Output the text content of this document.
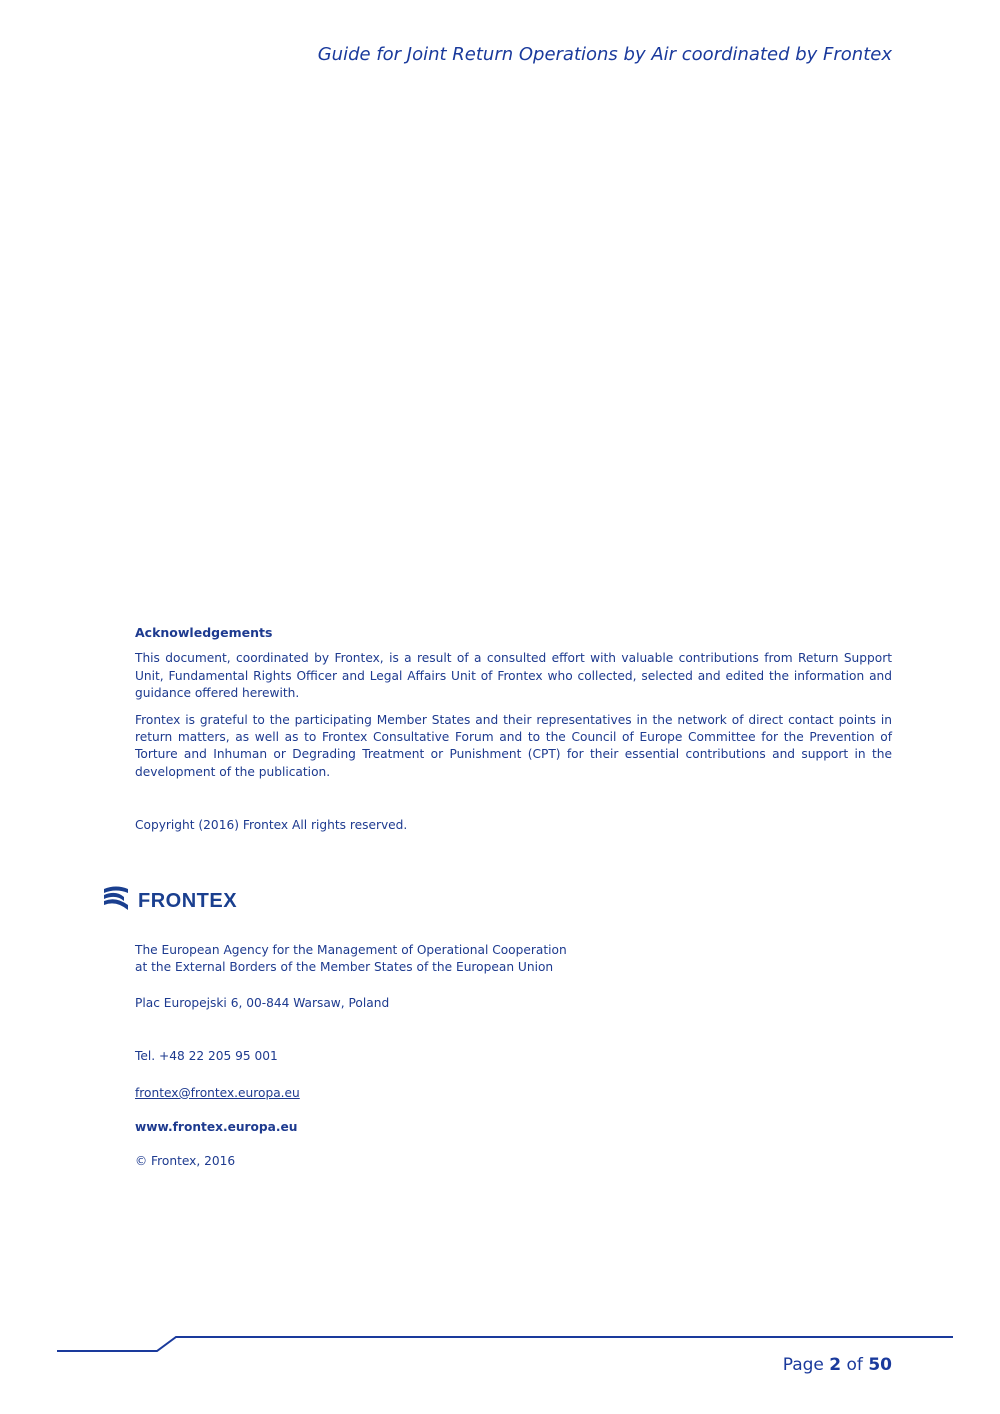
Guide for Joint Return Operations by Air coordinated by Frontex
Acknowledgements

This document, coordinated by Frontex, is a result of a consulted effort with valuable contributions from Return Support Unit, Fundamental Rights Officer and Legal Affairs Unit of Frontex who collected, selected and edited the information and guidance offered herewith.

Frontex is grateful to the participating Member States and their representatives in the network of direct contact points in return matters, as well as to Frontex Consultative Forum and to the Council of Europe Committee for the Prevention of Torture and Inhuman or Degrading Treatment or Punishment (CPT) for their essential contributions and support in the development of the publication.

Copyright (2016) Frontex All rights reserved.

FRONTEX

The European Agency for the Management of Operational Cooperation

at the External Borders of the Member States of the European Union

Plac Europejski 6, 00-844 Warsaw, Poland

Tel. +48 22 205 95 001

frontex@frontex.europa.eu

www.frontex.europa.eu

© Frontex, 2016

Page 2 of 50
